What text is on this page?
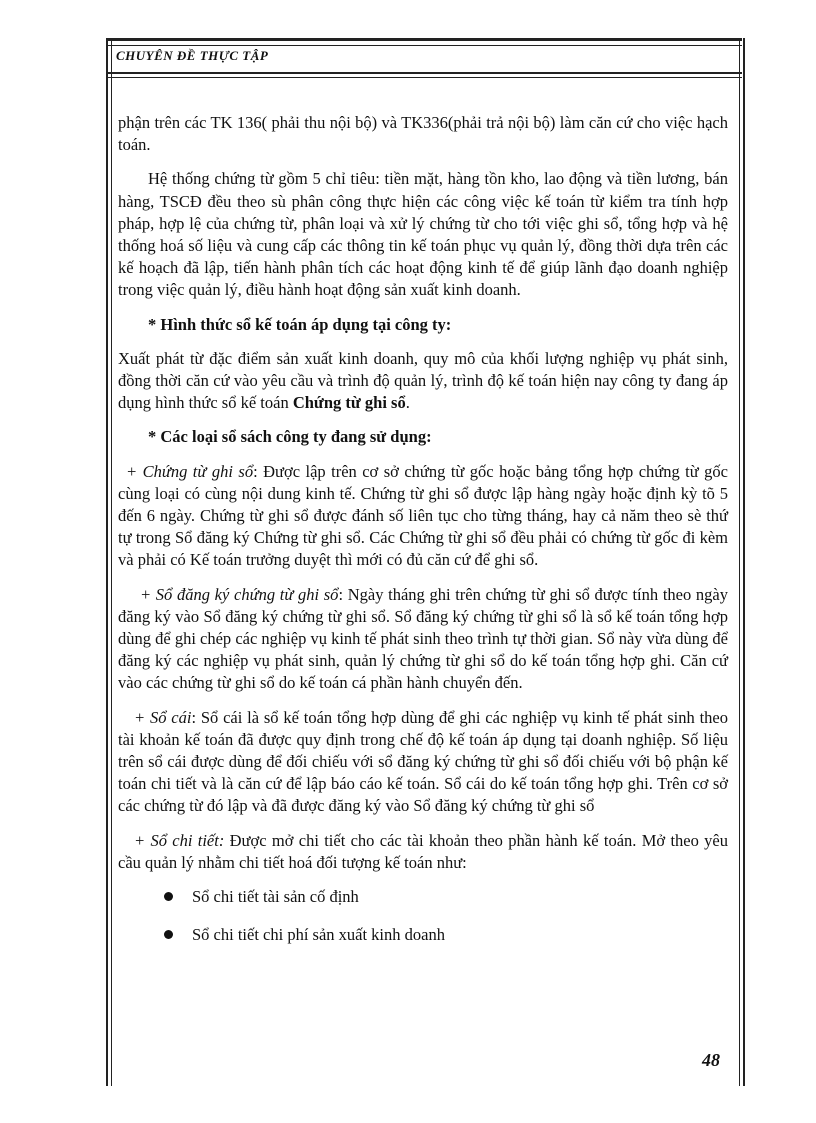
CHUYÊN ĐỀ THỰC TẬP

phận trên các TK 136( phải thu nội bộ) và TK336(phải trả nội bộ) làm căn cứ cho việc hạch toán.

Hệ thống chứng từ gồm 5 chỉ tiêu: tiền mặt, hàng tồn kho, lao động và tiền lương, bán hàng, TSCĐ đều theo sù phân công thực hiện các công việc kế toán từ kiểm tra tính hợp pháp, hợp lệ của chứng từ, phân loại và xử lý chứng từ cho tới việc ghi sổ, tổng hợp và hệ thống hoá số liệu và cung cấp các thông tin kế toán phục vụ quản lý, đồng thời dựa trên các kế hoạch đã lập, tiến hành phân tích các hoạt động kinh tế để giúp lãnh đạo doanh nghiệp trong việc quản lý, điều hành hoạt động sản xuất kinh doanh.

* Hình thức sổ kế toán áp dụng tại công ty:

Xuất phát từ đặc điểm sản xuất kinh doanh, quy mô của khối lượng nghiệp vụ phát sinh, đồng thời căn cứ vào yêu cầu và trình độ quản lý, trình độ kế toán hiện nay công ty đang áp dụng hình thức sổ kế toán Chứng từ ghi sổ.

* Các loại sổ sách công ty đang sử dụng:

+ Chứng từ ghi sổ: Được lập trên cơ sở chứng từ gốc hoặc bảng tổng hợp chứng từ gốc cùng loại có cùng nội dung kinh tế. Chứng từ ghi sổ được lập hàng ngày hoặc định kỳ tõ 5 đến 6 ngày. Chứng từ ghi sổ được đánh số liên tục cho từng tháng, hay cả năm theo sè thứ tự trong Sổ đăng ký Chứng từ ghi sổ. Các Chứng từ ghi sổ đều phải có chứng từ gốc đi kèm và phải có Kế toán trưởng duyệt thì mới có đủ căn cứ để ghi sổ.

+ Sổ đăng ký chứng từ ghi sổ: Ngày tháng ghi trên chứng từ ghi sổ được tính theo ngày đăng ký vào Sổ đăng ký chứng từ ghi sổ. Sổ đăng ký chứng từ ghi sổ là sổ kế toán tổng hợp dùng để ghi chép các nghiệp vụ kinh tế phát sinh theo trình tự thời gian. Sổ này vừa dùng để đăng ký các nghiệp vụ phát sinh, quản lý chứng từ ghi sổ do kế toán tổng hợp ghi. Căn cứ vào các chứng từ ghi sổ do kế toán cá phần hành chuyển đến.

+ Sổ cái: Sổ cái là sổ kế toán tổng hợp dùng để ghi các nghiệp vụ kinh tế phát sinh theo tài khoản kế toán đã được quy định trong chế độ kế toán áp dụng tại doanh nghiệp. Số liệu trên sổ cái được dùng để đối chiếu với sổ đăng ký chứng từ ghi sổ đối chiếu với bộ phận kế toán chi tiết và là căn cứ để lập báo cáo kế toán. Sổ cái do kế toán tổng hợp ghi. Trên cơ sở các chứng từ đó lập và đã được đăng ký vào Sổ đăng ký chứng từ ghi sổ

+ Sổ chi tiết: Được mở chi tiết cho các tài khoản theo phần hành kế toán. Mở theo yêu cầu quản lý nhằm chi tiết hoá đối tượng kế toán như:

Sổ chi tiết tài sản cố định
Sổ chi tiết chi phí sản xuất kinh doanh
48
